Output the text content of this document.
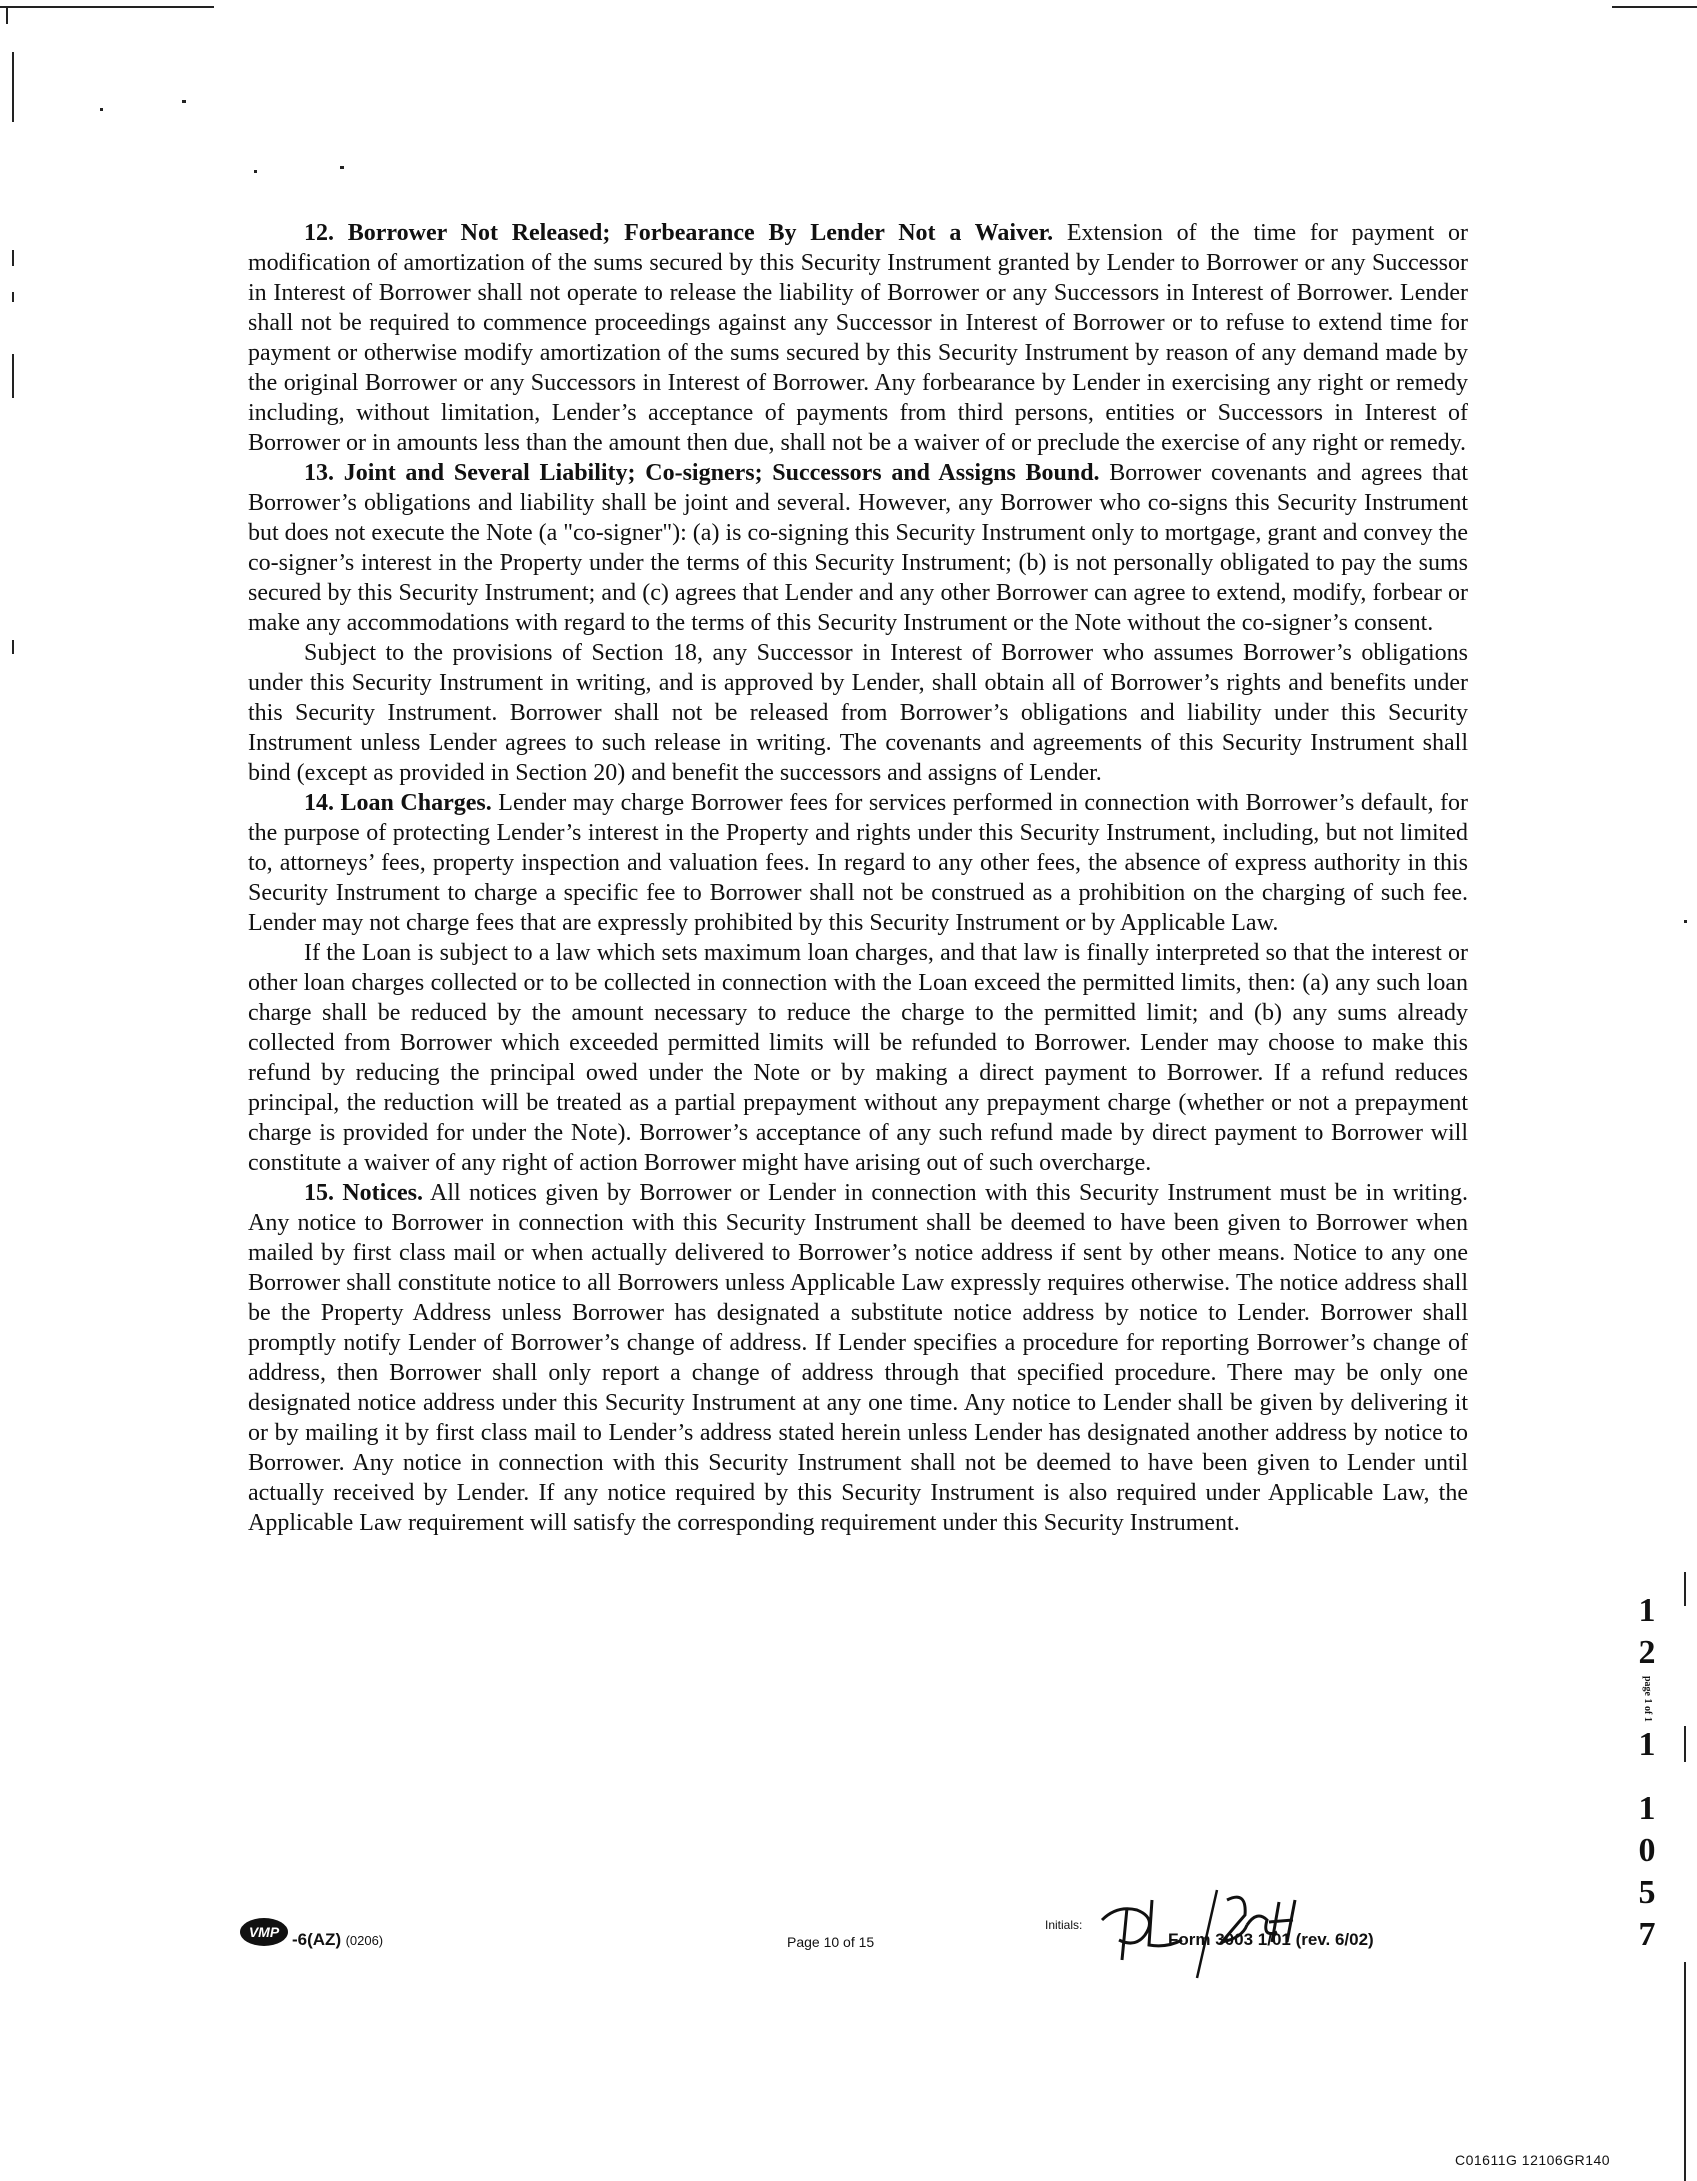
12. Borrower Not Released; Forbearance By Lender Not a Waiver. Extension of the time for payment or modification of amortization of the sums secured by this Security Instrument granted by Lender to Borrower or any Successor in Interest of Borrower shall not operate to release the liability of Borrower or any Successors in Interest of Borrower. Lender shall not be required to commence proceedings against any Successor in Interest of Borrower or to refuse to extend time for payment or otherwise modify amortization of the sums secured by this Security Instrument by reason of any demand made by the original Borrower or any Successors in Interest of Borrower. Any forbearance by Lender in exercising any right or remedy including, without limitation, Lender’s acceptance of payments from third persons, entities or Successors in Interest of Borrower or in amounts less than the amount then due, shall not be a waiver of or preclude the exercise of any right or remedy.

13. Joint and Several Liability; Co-signers; Successors and Assigns Bound. Borrower covenants and agrees that Borrower’s obligations and liability shall be joint and several. However, any Borrower who co-signs this Security Instrument but does not execute the Note (a "co-signer"): (a) is co-signing this Security Instrument only to mortgage, grant and convey the co-signer’s interest in the Property under the terms of this Security Instrument; (b) is not personally obligated to pay the sums secured by this Security Instrument; and (c) agrees that Lender and any other Borrower can agree to extend, modify, forbear or make any accommodations with regard to the terms of this Security Instrument or the Note without the co-signer’s consent.

Subject to the provisions of Section 18, any Successor in Interest of Borrower who assumes Borrower’s obligations under this Security Instrument in writing, and is approved by Lender, shall obtain all of Borrower’s rights and benefits under this Security Instrument. Borrower shall not be released from Borrower’s obligations and liability under this Security Instrument unless Lender agrees to such release in writing. The covenants and agreements of this Security Instrument shall bind (except as provided in Section 20) and benefit the successors and assigns of Lender.

14. Loan Charges. Lender may charge Borrower fees for services performed in connection with Borrower’s default, for the purpose of protecting Lender’s interest in the Property and rights under this Security Instrument, including, but not limited to, attorneys’ fees, property inspection and valuation fees. In regard to any other fees, the absence of express authority in this Security Instrument to charge a specific fee to Borrower shall not be construed as a prohibition on the charging of such fee. Lender may not charge fees that are expressly prohibited by this Security Instrument or by Applicable Law.

If the Loan is subject to a law which sets maximum loan charges, and that law is finally interpreted so that the interest or other loan charges collected or to be collected in connection with the Loan exceed the permitted limits, then: (a) any such loan charge shall be reduced by the amount necessary to reduce the charge to the permitted limit; and (b) any sums already collected from Borrower which exceeded permitted limits will be refunded to Borrower. Lender may choose to make this refund by reducing the principal owed under the Note or by making a direct payment to Borrower. If a refund reduces principal, the reduction will be treated as a partial prepayment without any prepayment charge (whether or not a prepayment charge is provided for under the Note). Borrower’s acceptance of any such refund made by direct payment to Borrower will constitute a waiver of any right of action Borrower might have arising out of such overcharge.

15. Notices. All notices given by Borrower or Lender in connection with this Security Instrument must be in writing. Any notice to Borrower in connection with this Security Instrument shall be deemed to have been given to Borrower when mailed by first class mail or when actually delivered to Borrower’s notice address if sent by other means. Notice to any one Borrower shall constitute notice to all Borrowers unless Applicable Law expressly requires otherwise. The notice address shall be the Property Address unless Borrower has designated a substitute notice address by notice to Lender. Borrower shall promptly notify Lender of Borrower’s change of address. If Lender specifies a procedure for reporting Borrower’s change of address, then Borrower shall only report a change of address through that specified procedure. There may be only one designated notice address under this Security Instrument at any one time. Any notice to Lender shall be given by delivering it or by mailing it by first class mail to Lender’s address stated herein unless Lender has designated another address by notice to Borrower. Any notice in connection with this Security Instrument shall not be deemed to have been given to Lender until actually received by Lender. If any notice required by this Security Instrument is also required under Applicable Law, the Applicable Law requirement will satisfy the corresponding requirement under this Security Instrument.

VMP -6(AZ) (0206)	Page 10 of 15
Initials:
Form 3003 1/01 (rev. 6/02)
1
2
page 1 of 1
1
1
0
5
7
C01611G 12106GR140
